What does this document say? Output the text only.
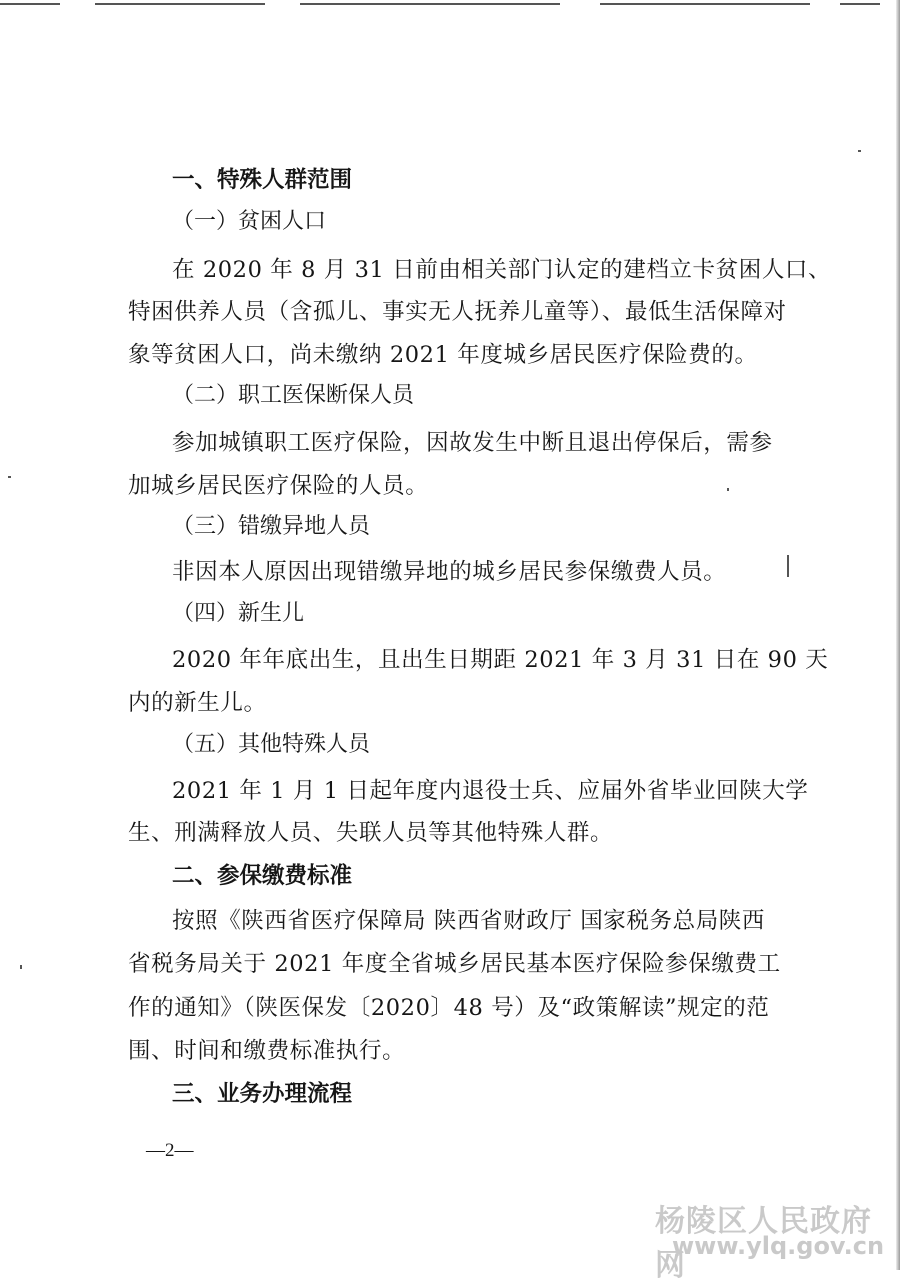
一、特殊人群范围
（一）贫困人口
在 2020 年 8 月 31 日前由相关部门认定的建档立卡贫困人口、
特困供养人员（含孤儿、事实无人抚养儿童等）、最低生活保障对
象等贫困人口，尚未缴纳 2021 年度城乡居民医疗保险费的。
（二）职工医保断保人员
参加城镇职工医疗保险，因故发生中断且退出停保后，需参
加城乡居民医疗保险的人员。
（三）错缴异地人员
非因本人原因出现错缴异地的城乡居民参保缴费人员。
（四）新生儿
2020 年年底出生，且出生日期距 2021 年 3 月 31 日在 90 天
内的新生儿。
（五）其他特殊人员
2021 年 1 月 1 日起年度内退役士兵、应届外省毕业回陕大学
生、刑满释放人员、失联人员等其他特殊人群。
二、参保缴费标准
按照《陕西省医疗保障局 陕西省财政厅 国家税务总局陕西
省税务局关于 2021 年度全省城乡居民基本医疗保险参保缴费工
作的通知》（陕医保发〔2020〕48 号）及“政策解读”规定的范
围、时间和缴费标准执行。
三、业务办理流程
—2—
杨陵区人民政府网
www.ylq.gov.cn
